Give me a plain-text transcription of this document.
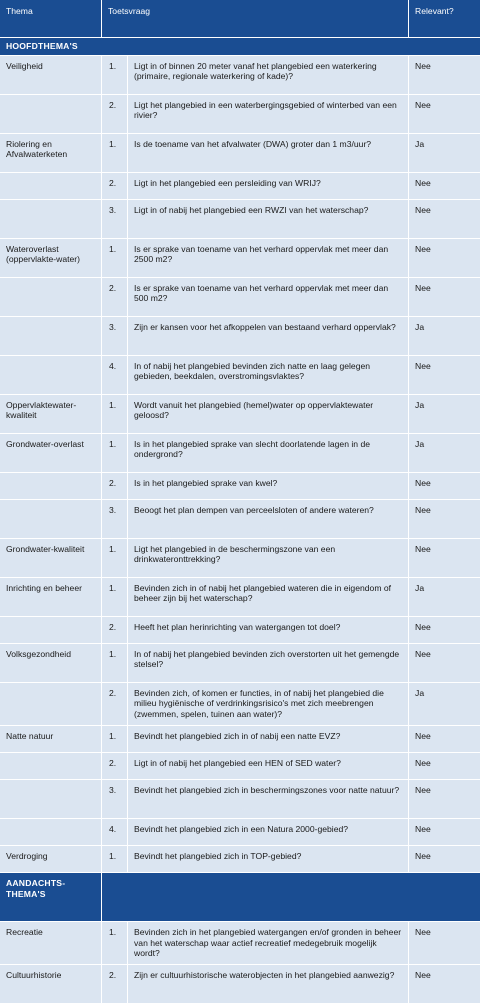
Thema	Toetsvraag		Relevant?
HOOFDTHEMA'S			
Veiligheid	1.	Ligt in of binnen 20 meter vanaf het plangebied een waterkering (primaire, regionale waterkering of kade)?	Nee
	2.	Ligt het plangebied in een waterbergingsgebied of winterbed van een rivier?	Nee
Riolering en Afvalwaterketen	1.	Is de toename van het afvalwater (DWA) groter dan 1 m3/uur?	Ja
	2.	Ligt in het plangebied een persleiding van WRIJ?	Nee
	3.	Ligt in of nabij het plangebied een RWZI van het waterschap?	Nee
Wateroverlast (oppervlakte-water)	1.	Is er sprake van toename van het verhard oppervlak met meer dan 2500 m2?	Nee
	2.	Is er sprake van toename van het verhard oppervlak met meer dan 500 m2?	Nee
	3.	Zijn er kansen voor het afkoppelen van bestaand verhard oppervlak?	Ja
	4.	In of nabij het plangebied bevinden zich natte en laag gelegen gebieden, beekdalen, overstromingsvlaktes?	Nee
Oppervlaktewater-kwaliteit	1.	Wordt vanuit het plangebied (hemel)water op oppervlaktewater geloosd?	Ja
Grondwater-overlast	1.	Is in het plangebied sprake van slecht doorlatende lagen in de ondergrond?	Ja
	2.	Is in het plangebied sprake van kwel?	Nee
	3.	Beoogt het plan dempen van perceelsloten of andere wateren?	Nee
Grondwater-kwaliteit	1.	Ligt het plangebied in de beschermingszone van een drinkwateronttrekking?	Nee
Inrichting en beheer	1.	Bevinden zich in of nabij het plangebied wateren die in eigendom of beheer zijn bij het waterschap?	Ja
	2.	Heeft het plan herinrichting van watergangen tot doel?	Nee
Volksgezondheid	1.	In of nabij het plangebied bevinden zich overstorten uit het gemengde stelsel?	Nee
	2.	Bevinden zich, of komen er functies, in of nabij het plangebied die milieu hygiënische of verdrinkingsrisico's met zich meebrengen (zwemmen, spelen, tuinen aan water)?	Ja
Natte natuur	1.	Bevindt het plangebied zich in of nabij een natte EVZ?	Nee
	2.	Ligt in of nabij het plangebied een HEN of SED water?	Nee
	3.	Bevindt het plangebied zich in beschermingszones voor natte natuur?	Nee
	4.	Bevindt het plangebied zich in een Natura 2000-gebied?	Nee
Verdroging	1.	Bevindt het plangebied zich in TOP-gebied?	Nee
AANDACHTS-THEMA'S			
Recreatie	1.	Bevinden zich in het plangebied watergangen en/of gronden in beheer van het waterschap waar actief recreatief medegebruik mogelijk wordt?	Nee
Cultuurhistorie	2.	Zijn er cultuurhistorische waterobjecten in het plangebied aanwezig?	Nee
